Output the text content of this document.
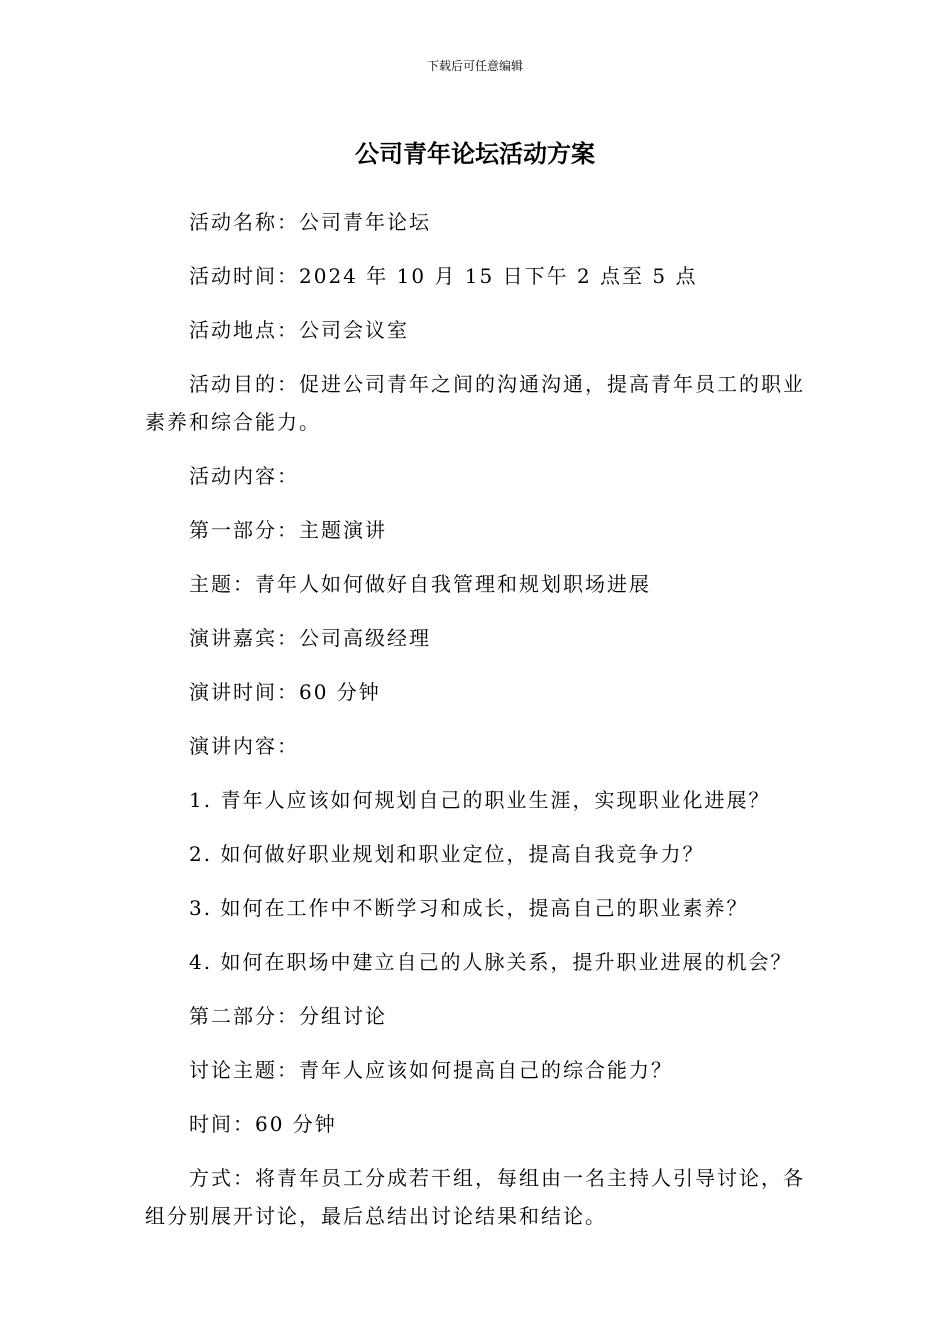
下载后可任意编辑
公司青年论坛活动方案

活动名称：公司青年论坛

活动时间：2024 年 10 月 15 日下午 2 点至 5 点

活动地点：公司会议室

活动目的：促进公司青年之间的沟通沟通，提高青年员工的职业素养和综合能力。

活动内容：

第一部分：主题演讲

主题：青年人如何做好自我管理和规划职场进展

演讲嘉宾：公司高级经理

演讲时间：60 分钟

演讲内容：

1. 青年人应该如何规划自己的职业生涯，实现职业化进展？

2. 如何做好职业规划和职业定位，提高自我竞争力？

3. 如何在工作中不断学习和成长，提高自己的职业素养？

4. 如何在职场中建立自己的人脉关系，提升职业进展的机会？

第二部分：分组讨论

讨论主题：青年人应该如何提高自己的综合能力？

时间：60 分钟

方式：将青年员工分成若干组，每组由一名主持人引导讨论，各组分别展开讨论，最后总结出讨论结果和结论。
